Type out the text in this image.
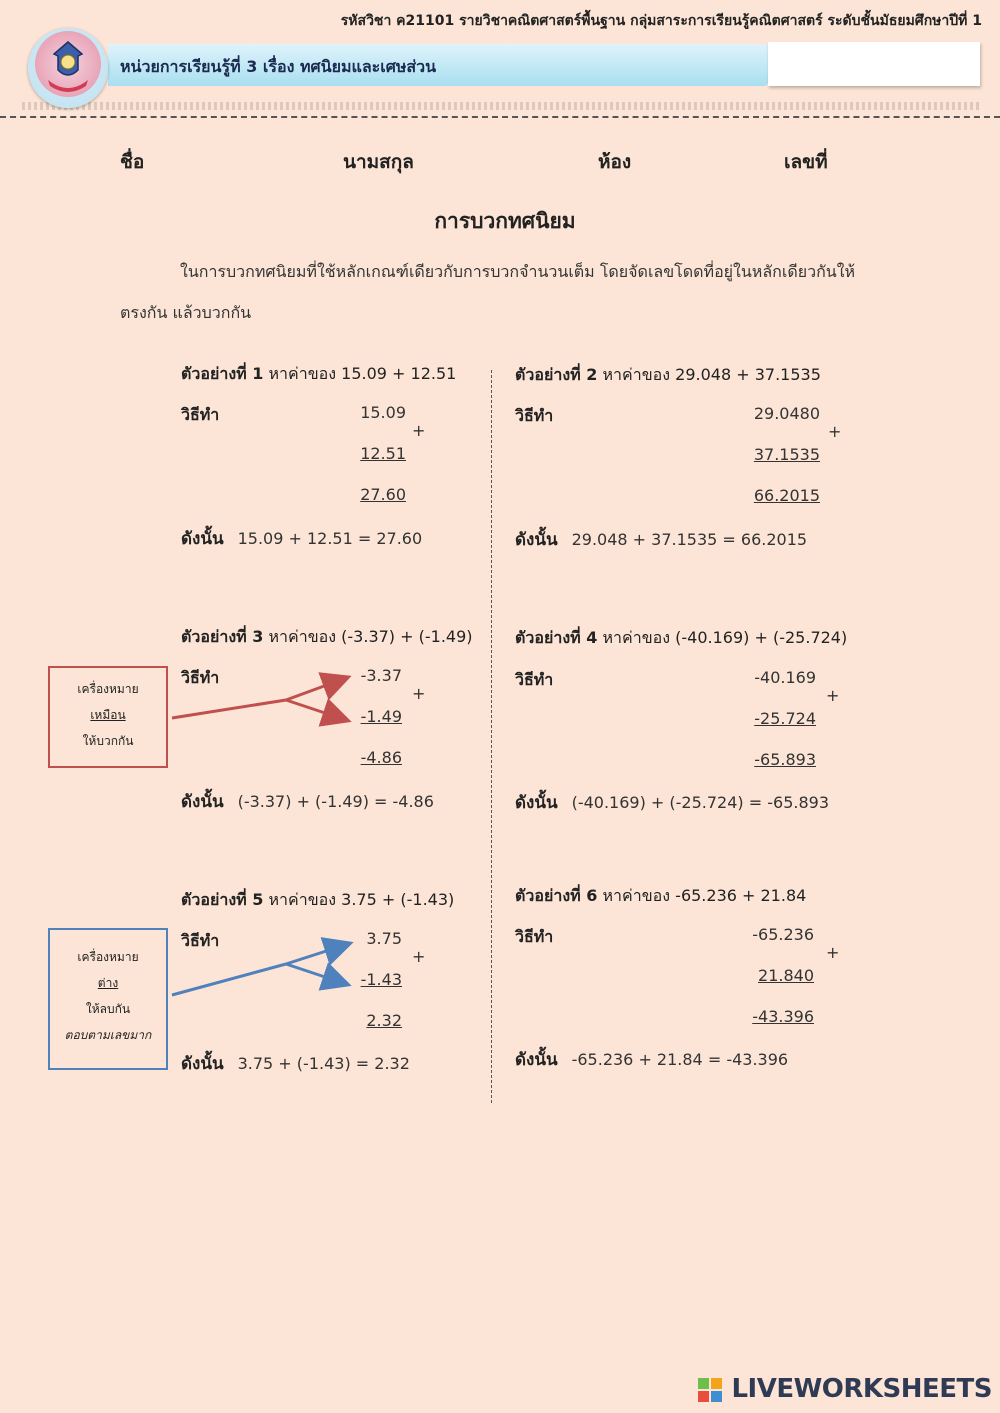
รหัสวิชา ค21101 รายวิชาคณิตศาสตร์พื้นฐาน กลุ่มสาระการเรียนรู้คณิตศาสตร์ ระดับชั้นมัธยมศึกษาปีที่ 1
หน่วยการเรียนรู้ที่ 3 เรื่อง ทศนิยมและเศษส่วน
ชื่อ	นามสกุล	ห้อง	เลขที่
การบวกทศนิยม
ในการบวกทศนิยมที่ใช้หลักเกณฑ์เดียวกับการบวกจำนวนเต็ม โดยจัดเลขโดดที่อยู่ในหลักเดียวกันให้
ตรงกัน แล้วบวกกัน
ตัวอย่างที่ 1 หาค่าของ 15.09 + 12.51
วิธีทำ	15.09
+
12.51
27.60
ดังนั้น 15.09 + 12.51 = 27.60
ตัวอย่างที่ 2 หาค่าของ 29.048 + 37.1535
วิธีทำ	29.0480
+
37.1535
66.2015
ดังนั้น 29.048 + 37.1535 = 66.2015
ตัวอย่างที่ 3 หาค่าของ (-3.37) + (-1.49)
วิธีทำ	-3.37
+
-1.49
-4.86
ดังนั้น (-3.37) + (-1.49) = -4.86
ตัวอย่างที่ 4 หาค่าของ (-40.169) + (-25.724)
วิธีทำ	-40.169
+
-25.724
-65.893
ดังนั้น (-40.169) + (-25.724) = -65.893
ตัวอย่างที่ 5 หาค่าของ 3.75 + (-1.43)
วิธีทำ	3.75
+
-1.43
2.32
ดังนั้น 3.75 + (-1.43) = 2.32
ตัวอย่างที่ 6 หาค่าของ -65.236 + 21.84
วิธีทำ	-65.236
+
21.840
-43.396
ดังนั้น -65.236 + 21.84 = -43.396
เครื่องหมาย
เหมือน
ให้บวกกัน
เครื่องหมาย
ต่าง
ให้ลบกัน
ตอบตามเลขมาก
LIVEWORKSHEETS
